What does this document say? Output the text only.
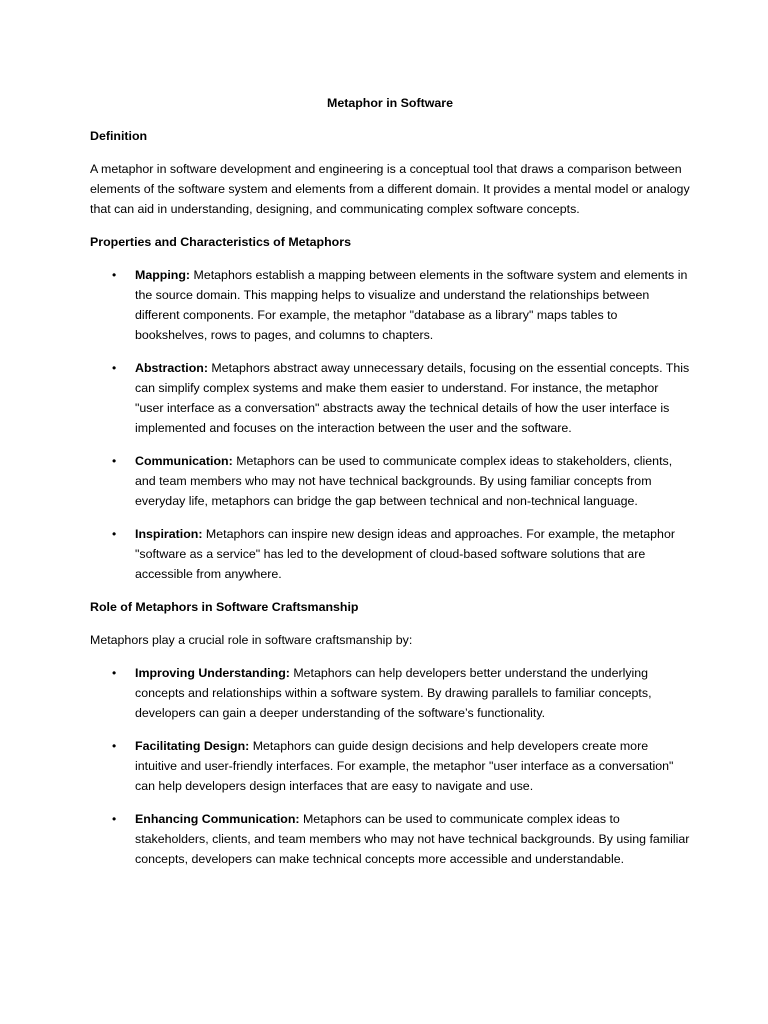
Metaphor in Software
Definition
A metaphor in software development and engineering is a conceptual tool that draws a comparison between elements of the software system and elements from a different domain. It provides a mental model or analogy that can aid in understanding, designing, and communicating complex software concepts.
Properties and Characteristics of Metaphors
• Mapping: Metaphors establish a mapping between elements in the software system and elements in the source domain. This mapping helps to visualize and understand the relationships between different components. For example, the metaphor "database as a library" maps tables to bookshelves, rows to pages, and columns to chapters.
• Abstraction: Metaphors abstract away unnecessary details, focusing on the essential concepts. This can simplify complex systems and make them easier to understand. For instance, the metaphor "user interface as a conversation" abstracts away the technical details of how the user interface is implemented and focuses on the interaction between the user and the software.
• Communication: Metaphors can be used to communicate complex ideas to stakeholders, clients, and team members who may not have technical backgrounds. By using familiar concepts from everyday life, metaphors can bridge the gap between technical and non-technical language.
• Inspiration: Metaphors can inspire new design ideas and approaches. For example, the metaphor "software as a service" has led to the development of cloud-based software solutions that are accessible from anywhere.
Role of Metaphors in Software Craftsmanship
Metaphors play a crucial role in software craftsmanship by:
• Improving Understanding: Metaphors can help developers better understand the underlying concepts and relationships within a software system. By drawing parallels to familiar concepts, developers can gain a deeper understanding of the software’s functionality.
• Facilitating Design: Metaphors can guide design decisions and help developers create more intuitive and user-friendly interfaces. For example, the metaphor "user interface as a conversation" can help developers design interfaces that are easy to navigate and use.
• Enhancing Communication: Metaphors can be used to communicate complex ideas to stakeholders, clients, and team members who may not have technical backgrounds. By using familiar concepts, developers can make technical concepts more accessible and understandable.
